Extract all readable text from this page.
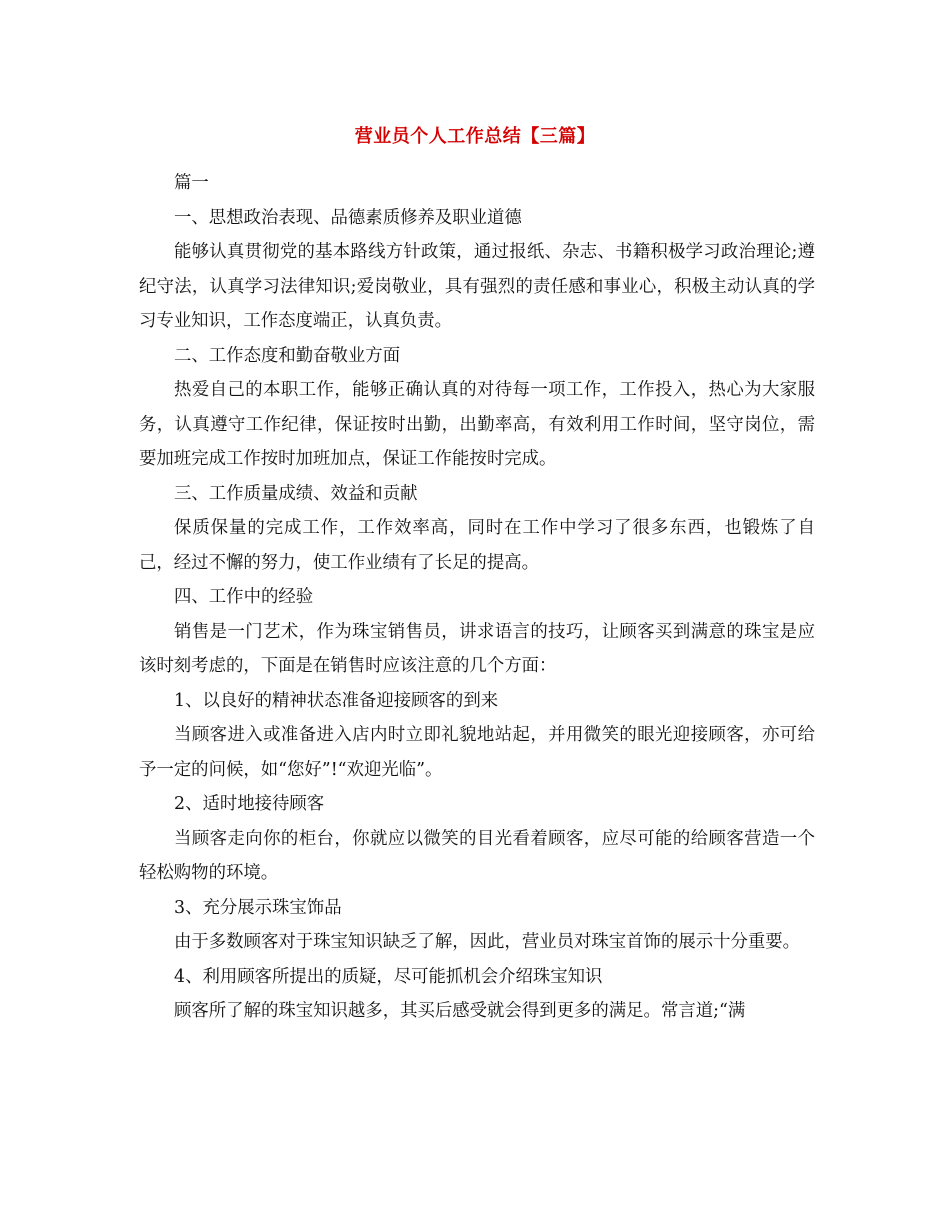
营业员个人工作总结【三篇】

篇一

一、思想政治表现、品德素质修养及职业道德

能够认真贯彻党的基本路线方针政策，通过报纸、杂志、书籍积极学习政治理论;遵纪守法，认真学习法律知识;爱岗敬业，具有强烈的责任感和事业心，积极主动认真的学习专业知识，工作态度端正，认真负责。

二、工作态度和勤奋敬业方面

热爱自己的本职工作，能够正确认真的对待每一项工作，工作投入，热心为大家服务，认真遵守工作纪律，保证按时出勤，出勤率高，有效利用工作时间，坚守岗位，需要加班完成工作按时加班加点，保证工作能按时完成。

三、工作质量成绩、效益和贡献

保质保量的完成工作，工作效率高，同时在工作中学习了很多东西，也锻炼了自己，经过不懈的努力，使工作业绩有了长足的提高。

四、工作中的经验

销售是一门艺术，作为珠宝销售员，讲求语言的技巧，让顾客买到满意的珠宝是应该时刻考虑的，下面是在销售时应该注意的几个方面：

1、以良好的精神状态准备迎接顾客的到来

当顾客进入或准备进入店内时立即礼貌地站起，并用微笑的眼光迎接顾客，亦可给予一定的问候，如“您好”!“欢迎光临”。

2、适时地接待顾客

当顾客走向你的柜台，你就应以微笑的目光看着顾客，应尽可能的给顾客营造一个轻松购物的环境。

3、充分展示珠宝饰品

由于多数顾客对于珠宝知识缺乏了解，因此，营业员对珠宝首饰的展示十分重要。

4、利用顾客所提出的质疑，尽可能抓机会介绍珠宝知识

顾客所了解的珠宝知识越多，其买后感受就会得到更多的满足。常言道;“满
